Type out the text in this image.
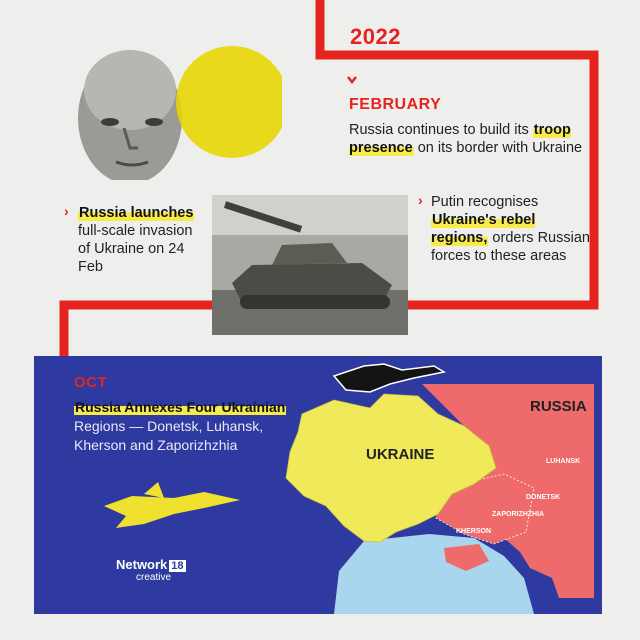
2022
FEBRUARY
Russia continues to build its troop presence on its border with Ukraine
› Russia launches full-scale invasion of Ukraine on 24 Feb
› Putin recognises Ukraine's rebel regions, orders Russian forces to these areas
OCT
Russia Annexes Four Ukrainian Regions — Donetsk, Luhansk, Kherson and Zaporizhzhia
UKRAINE
RUSSIA
LUHANSK
DONETSK
ZAPORIZHZHIA
KHERSON
Network 18
creative
